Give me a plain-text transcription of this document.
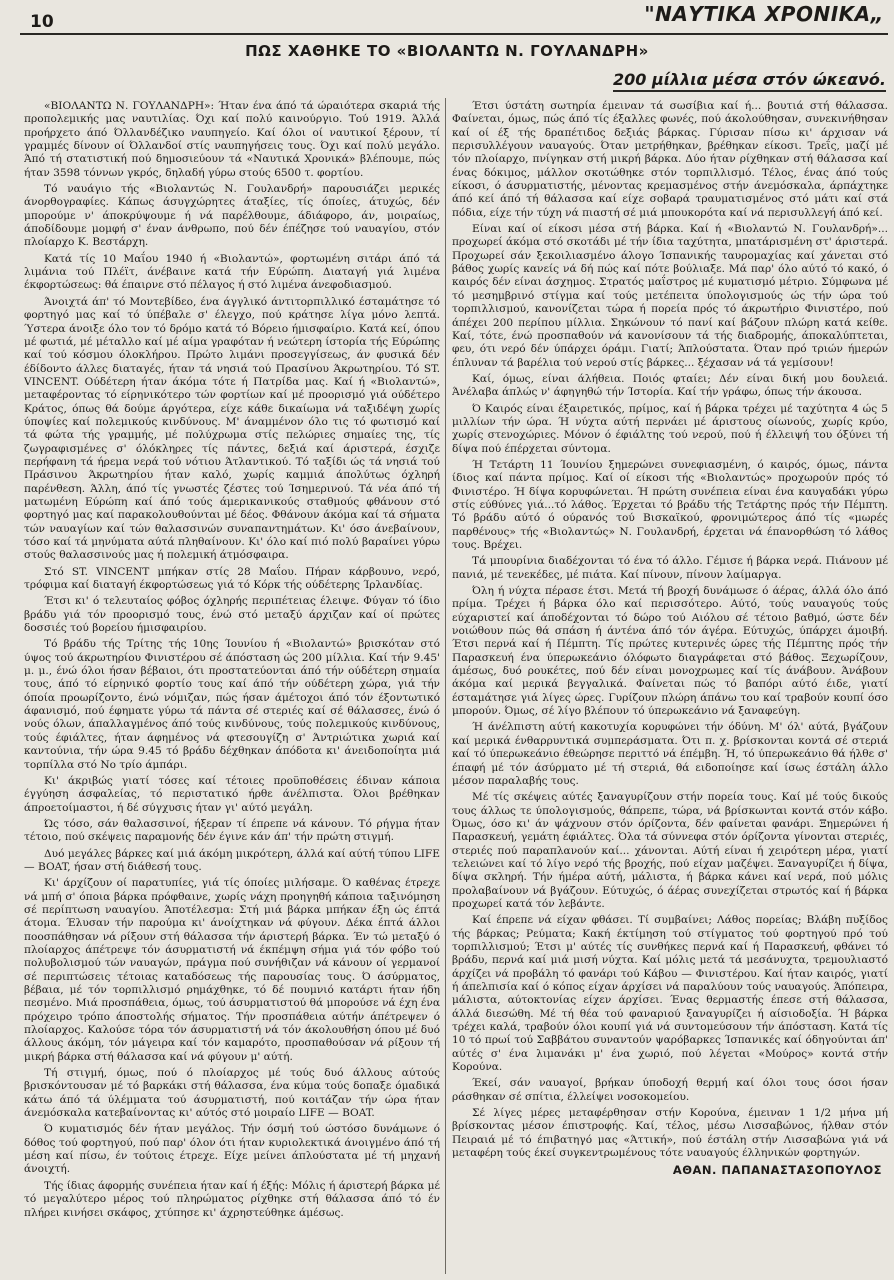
10	"ΝΑΥΤΙΚΑ ΧΡΟΝΙΚΑ„
ΠΩΣ ΧΑΘΗΚΕ ΤΟ «ΒΙΟΛΑΝΤΩ Ν. ΓΟΥΛΑΝΔΡΗ»
200 μίλλια μέσα στόν ώκεανό.

«ΒΙΟΛΑΝΤΩ Ν. ΓΟΥΛΑΝΔΡΗ»: Ήταν ένα άπό τά ώραιότερα σκαριά τής προπολεμικής μας ναυτιλίας. Όχι καί πολύ καινούργιο. Τού 1919. Άλλά προήρχετο άπό Όλλανδέζικο ναυπηγείο. Καί όλοι οί ναυτικοί ξέρουν, τί γραμμές δίνουν οί Όλλανδοί στίς ναυπηγήσεις τους. Όχι καί πολύ μεγάλο. Άπό τή στατιστική πού δημοσιεύουν τά «Ναυτικά Χρονικά» βλέπουμε, πώς ήταν 3598 τόννων γκρός, δηλαδή γύρω στούς 6500 τ. φορτίου.

Τό ναυάγιο τής «Βιολαντώς Ν. Γουλανδρή» παρουσιάζει μερικές άνορθογραφίες. Κάπως άσυγχώρητες άταξίες, τίς όποίες, άτυχώς, δέν μπορούμε ν' άποκρύψουμε ή νά παρέλθουμε, άδιάφορο, άν, μοιραίως, άποδίδουμε μομφή σ' έναν άνθρωπο, πού δέν έπέζησε τού ναυαγίου, στόν πλοίαρχο Κ. Βεστάρχη.

Κατά τίς 10 Μαΐου 1940 ή «Βιολαντώ», φορτωμένη σιτάρι άπό τά λιμάνια τού Πλέϊτ, άνέβαινε κατά τήν Εύρώπη. Διαταγή γιά λιμένα έκφορτώσεως: θά έπαιρνε στό πέλαγος ή στό λιμένα άνεφοδιασμού.

Άνοιχτά άπ' τό Μοντεβίδεο, ένα άγγλικό άντιτορπιλλικό έσταμάτησε τό φορτηγό μας καί τό ύπέβαλε σ' έλεγχο, πού κράτησε λίγα μόνο λεπτά. Ύστερα άνοιξε όλο τον τό δρόμο κατά τό Βόρειο ήμισφαίριο. Κατά κεί, όπου μέ φωτιά, μέ μέταλλο καί μέ αίμα γραφόταν ή νεώτερη ίστορία τής Εύρώπης καί τού κόσμου όλοκλήρου. Πρώτο λιμάνι προσεγγίσεως, άν φυσικά δέν έδίδοντο άλλες διαταγές, ήταν τά νησιά τού Πρασίνου Άκρωτηρίου. Τό ST. VINCENT. Ούδέτερη ήταν άκόμα τότε ή Πατρίδα μας. Καί ή «Βιολαντώ», μεταφέροντας τό είρηνικότερο τών φορτίων καί μέ προορισμό γιά ούδέτερο Κράτος, όπως θά δούμε άργότερα, είχε κάθε δικαίωμα νά ταξιδέψη χωρίς ύποψίες καί πολεμικούς κινδύνους. Μ' άναμμένον όλο τις τό φωτισμό καί τά φώτα τής γραμμής, μέ πολύχρωμα στίς πελώριες σημαίες της, τίς ζωγραφισμένες σ' όλόκληρες τίς πάντες, δεξιά καί άριστερά, έσχιζε περήφανη τά ήρεμα νερά τού νότιου Άτλαντικού. Τό ταξίδι ώς τά νησιά τού Πράσινου Άκρωτηρίου ήταν καλό, χωρίς καμμιά άπολύτως όχληρή παρένθεση. Άλλη, άπό τίς γνωστές ζέστες τού Ίσημερινού. Τά νέα άπό τή ματωμένη Εύρώπη καί άπό τούς άμερικανικούς σταθμούς φθάνουν στό φορτηγό μας καί παρακολουθούνται μέ δέος. Φθάνουν άκόμα καί τά σήματα τών ναυαγίων καί τών θαλασσινών συναπαντημάτων. Κι' όσο άνεβαίνουν, τόσο καί τά μηνύματα αύτά πληθαίνουν. Κι' όλο καί πιό πολύ βαραίνει γύρω στούς θαλασσινούς μας ή πολεμική άτμόσφαιρα.

Στό ST. VINCENT μπήκαν στίς 28 Μαΐου. Πήραν κάρβουνο, νερό, τρόφιμα καί διαταγή έκφορτώσεως γιά τό Κόρκ τής ούδέτερης Ίρλανδίας.

Έτσι κι' ό τελευταίος φόβος όχληρής περιπέτειας έλειψε. Φύγαν τό ίδιο βράδυ γιά τόν προορισμό τους, ένώ στό μεταξύ άρχιζαν καί οί πρώτες δοσσιές τού βορείου ήμισφαιρίου.

Τό βράδυ τής Τρίτης τής 10ης Ίουνίου ή «Βιολαντώ» βρισκόταν στό ύψος τού άκρωτηρίου Φινιστέρου σέ άπόσταση ώς 200 μίλλια. Καί τήν 9.45' μ. μ., ένώ όλοι ήσαν βέβαιοι, ότι προστατεύονται άπό τήν ούδέτερη σημαία τους, άπό τό είρηνικό φορτίο τους καί άπό τήν ούδέτερη χώρα, γιά τήν όποία προωρίζοντο, ένώ νόμιζαν, πώς ήσαν άμέτοχοι άπό τόν έξοντωτικό άφανισμό, πού έφηματε γύρω τά πάντα σέ στεριές καί σέ θάλασσες, ένώ ό νούς όλων, άπαλλαγμένος άπό τούς κινδύνους, τούς πολεμικούς κινδύνους, τούς έφιάλτες, ήταν άφημένος νά φτεσουγίζη σ' Άντριώτικα χωριά καί καντούνια, τήν ώρα 9.45 τό βράδυ δέχθηκαν άπόδοτα κι' άνειδοποίητα μιά τορπίλλα στό Νο τρίο άμπάρι.

Κι' άκριβώς γιατί τόσες καί τέτοιες προϋποθέσεις έδιναν κάποια έγγύηση άσφαλείας, τό περιστατικό ήρθε άνέλπιστα. Όλοι βρέθηκαν άπροετοίμαστοι, ή δέ σύγχυσις ήταν γι' αύτό μεγάλη.

Ώς τόσο, σάν θαλασσινοί, ήξεραν τί έπρεπε νά κάνουν. Τό ρήγμα ήταν τέτοιο, πού σκέψεις παραμονής δέν έγινε κάν άπ' τήν πρώτη στιγμή.

Δυό μεγάλες βάρκες καί μιά άκόμη μικρότερη, άλλά καί αύτή τύπου LIFE — BOAT, ήσαν στή διάθεσή τους.

Κι' άρχίζουν οί παρατυπίες, γιά τίς όποίες μιλήσαμε. Ό καθένας έτρεχε νά μπή σ' όποια βάρκα πρόφθαινε, χωρίς νάχη προηγηθή κάποια ταξινόμηση σέ περίπτωση ναυαγίου. Άποτέλεσμα: Στή μιά βάρκα μπήκαν έξη ώς έπτά άτομα. Έλυσαν τήν παρούμα κι' άνοίχτηκαν νά φύγουν. Δέκα έπτά άλλοι ποοσπάθησαν νά ρίξουν στή θάλασσα τήν άριστερή βάρκα. Έν τώ μεταξύ ό πλοίαρχος άπέτρεψε τόν άσυρματιστή νά έκπέμψη σήμα γιά τόν φόβο τού πολυβολισμού τών ναυαγών, πράγμα πού συνήθιζαν νά κάνουν οί γερμανοί σέ περιπτώσεις τέτοιας καταδόσεως τής παρουσίας τους. Ό άσύρματος, βέβαια, μέ τόν τορπιλλισμό ρημάχθηκε, τό δέ πουμνιό κατάρτι ήταν ήδη πεσμένο. Μιά προσπάθεια, όμως, τού άσυρματιστού θά μπορούσε νά έχη ένα πρόχειρο τρόπο άποστολής σήματος. Τήν προσπάθεια αύτήν άπέτρεψεν ό πλοίαρχος. Καλούσε τόρα τόν άσυρματιστή νά τόν άκολουθήση όπου μέ δυό άλλους άκόμη, τόν μάγειρα καί τόν καμαρότο, προσπαθούσαν νά ρίξουν τή μικρή βάρκα στή θάλασσα καί νά φύγουν μ' αύτή.

Τή στιγμή, όμως, πού ό πλοίαρχος μέ τούς δυό άλλους αύτούς βρισκόντουσαν μέ τό βαρκάκι στή θάλασσα, ένα κύμα τούς δοπαξε όμαδικά κάτω άπό τά ύλέμματα τού άσυρματιστή, πού κοιτάζαν τήν ώρα ήταν άνεμόσκαλα κατεβαίνοντας κι' αύτός στό μοιραίο LIFE — BOAT.

Ό κυματισμός δέν ήταν μεγάλος. Τήν όσμή τού ώστόσο δυνάμωνε ό δόθος τού φορτηγού, πού παρ' όλον ότι ήταν κυριολεκτικά άνοιγμένο άπό τή μέση καί πίσω, έν τούτοις έτρεχε. Είχε μείνει άπλούστατα μέ τή μηχανή άνοιχτή.

Τής ίδιας άφορμής συνέπεια ήταν καί ή έξής: Μόλις ή άριστερή βάρκα μέ τό μεγαλύτερο μέρος τού πληρώματος ρίχθηκε στή θάλασσα άπό τό έν πλήρει κινήσει σκάφος, χτύπησε κι' άχρηστεύθηκε άμέσως.

Έτσι ύστάτη σωτηρία έμειναν τά σωσίβια καί ή... βουτιά στή θάλασσα. Φαίνεται, όμως, πώς άπό τίς έξαλλες φωνές, πού άκολούθησαν, συνεκινήθησαν καί οί έξ τής δραπέτιδος δεξιάς βάρκας. Γύρισαν πίσω κι' άρχισαν νά περισυλλέγουν ναυαγούς. Όταν μετρήθηκαν, βρέθηκαν είκοσι. Τρεΐς, μαζί μέ τόν πλοίαρχο, πνίγηκαν στή μικρή βάρκα. Δύο ήταν ρίχθηκαν στή θάλασσα καί ένας δόκιμος, μάλλον σκοτώθηκε στόν τορπιλλισμό. Τέλος, ένας άπό τούς είκοσι, ό άσυρματιστής, μένοντας κρεμασμένος στήν άνεμόσκαλα, άρπάχτηκε άπό κεί άπό τή θάλασσα καί είχε σοβαρά τραυματισμένος στό μάτι καί στά πόδια, είχε τήν τύχη νά πιαστή σέ μιά μπουκορότα καί νά περισυλλεγή άπό κεί.

Είναι καί οί είκοσι μέσα στή βάρκα. Καί ή «Βιολαντώ Ν. Γουλανδρή»... προχωρεί άκόμα στό σκοτάδι μέ τήν ίδια ταχύτητα, μπατάρισμένη στ' άριστερά. Προχωρεί σάν ξεκοιλιασμένο άλογο Ίσπανικής ταυρομαχίας καί χάνεται στό βάθος χωρίς κανείς νά δή πώς καί πότε βούλιαξε. Μά παρ' όλο αύτό τό κακό, ό καιρός δέν είναι άσχημος. Στρατός μαΐστρος μέ κυματισμό μέτριο. Σύμφωνα μέ τό μεσημβρινό στίγμα καί τούς μετέπειτα ύπολογισμούς ώς τήν ώρα τού τορπιλλισμού, κανονίζεται τώρα ή πορεία πρός τό άκρωτήριο Φινιστέρο, πού άπέχει 200 περίπου μίλλια. Σηκώνουν τό πανί καί βάζουν πλώρη κατά κείθε. Καί, τότε, ένώ προσπαθούν νά κανονίσουν τά τής διαδρομής, άποκαλύπτεται, φευ, ότι νερό δέν ύπάρχει όράμι. Γιατί; Άπλούστατα. Όταν πρό τριών ήμερών έπλυναν τά βαρέλια τού νερού στίς βάρκες... ξέχασαν νά τά γεμίσουν!

Καί, όμως, είναι άλήθεια. Ποιός φταίει; Δέν είναι δική μου δουλειά. Άνέλαβα άπλώς ν' άφηγηθώ τήν Ίστορία. Καί τήν γράφω, όπως τήν άκουσα.

Ό Καιρός είναι έξαιρετικός, πρίμος, καί ή βάρκα τρέχει μέ ταχύτητα 4 ώς 5 μιλλίων τήν ώρα. Ή νύχτα αύτή περνάει μέ άριστους οίωνούς, χωρίς κρύο, χωρίς στενοχώριες. Μόνον ό έφιάλτης τού νερού, πού ή έλλειψή του όξύνει τή δίψα πού έπέρχεται σύντομα.

Ή Τετάρτη 11 Ίουνίου ξημερώνει συνεφιασμένη, ό καιρός, όμως, πάντα ίδιος καί πάντα πρίμος. Καί οί είκοσι τής «Βιολαντώς» προχωρούν πρός τό Φινιστέρο. Ή δίψα κορυφώνεται. Ή πρώτη συνέπεια είναι ένα καυγαδάκι γύρω στίς εύθύνες γιά...τό λάθος. Έρχεται τό βράδυ τής Τετάρτης πρός τήν Πέμπτη. Τό βράδυ αύτό ό ούρανός τού Βισκαϊκού, φρονιμώτερος άπό τίς «μωρές παρθένους» τής «Βιολαντώς» Ν. Γουλανδρή, έρχεται νά έπανορθώση τό λάθος τους. Βρέχει.

Τά μπουρίνια διαδέχονται τό ένα τό άλλο. Γέμισε ή βάρκα νερά. Πιάνουν μέ πανιά, μέ τενεκέδες, μέ πιάτα. Καί πίνουν, πίνουν λαίμαργα.

Όλη ή νύχτα πέρασε έτσι. Μετά τή βροχή δυνάμωσε ό άέρας, άλλά όλο άπό πρίμα. Τρέχει ή βάρκα όλο καί περισσότερο. Αύτό, τούς ναυαγούς τούς εύχαριστεί καί άποδέχονται τό δώρο τού Αιόλου σέ τέτοιο βαθμό, ώστε δέν νοιώθουν πώς θά σπάση ή άντένα άπό τόν άγέρα. Εύτυχώς, ύπάρχει άμοιβή. Έτσι περνά καί ή Πέμπτη. Τίς πρώτες κυτερινές ώρες τής Πέμπτης πρός τήν Παρασκευή ένα ύπερωκεάνιο όλόφωτο διαγράφεται στό βάθος. Ξεχωρίζουν, άμέσως, δυό ρουκέτες, πού δέν είναι μονοχρωμες καί τίς άνάβουν. Άνάβουν άκόμα καί μερικά βεγγαλικά. Φαίνεται πώς τό βαπόρι αύτό έιδε, γιατί έσταμάτησε γιά λίγες ώρες. Γυρίζουν πλώρη άπάνω του καί τραβούν κουπί όσο μπορούν. Όμως, σέ λίγο βλέπουν τό ύπερωκεάνιο νά ξαναφεύγη.

Ή άνέλπιστη αύτή κακοτυχία κορυφώνει τήν όδύνη. Μ' όλ' αύτά, βγάζουν καί μερικά ένθαρρυντικά συμπεράσματα. Ότι π. χ. βρίσκονται κοντά σέ στεριά καί τό ύπερωκεάνιο έθεώρησε περιττό νά έπέμβη. Ή, τό ύπερωκεάνιο θά ήλθε σ' έπαφή μέ τόν άσύρματο μέ τή στεριά, θά ειδοποίησε καί ίσως έστάλη άλλο μέσον παραλαβής τους.

Μέ τίς σκέψεις αύτές ξαναγυρίζουν στήν πορεία τους. Καί μέ τούς δικούς τους άλλως τε ύπολογισμούς, θάπρεπε, τώρα, νά βρίσκωνται κοντά στόν κάβο. Όμως, όσο κι' άν ψάχνουν στόν όρίζοντα, δέν φαίνεται φανάρι. Ξημερώνει ή Παρασκευή, γεμάτη έφιάλτες. Όλα τά σύννεφα στόν όρίζοντα γίνονται στεριές, στεριές πού παραπλανούν καί... χάνονται. Αύτή είναι ή χειρότερη μέρα, γιατί τελειώνει καί τό λίγο νερό τής βροχής, πού είχαν μαζέψει. Ξαναγυρίζει ή δίψα, δίψα σκληρή. Τήν ήμέρα αύτή, μάλιστα, ή βάρκα κάνει καί νερά, πού μόλις προλαβαίνουν νά βγάζουν. Εύτυχώς, ό άέρας συνεχίζεται στρωτός καί ή βάρκα προχωρεί κατά τόν λεβάντε.

Καί έπρεπε νά είχαν φθάσει. Τί συμβαίνει; Λάθος πορείας; Βλάβη πυξίδος τής βάρκας; Ρεύματα; Κακή έκτίμηση τού στίγματος τού φορτηγού πρό τού τορπιλλισμού; Έτσι μ' αύτές τίς συνθήκες περνά καί ή Παρασκευή, φθάνει τό βράδυ, περνά καί μιά μισή νύχτα. Καί μόλις μετά τά μεσάνυχτα, τρεμουλιαστό άρχίζει νά προβάλη τό φανάρι τού Κάβου — Φινιστέρου. Καί ήταν καιρός, γιατί ή άπελπισία καί ό κόπος είχαν άρχίσει νά παραλύουν τούς ναυαγούς. Άπόπειρα, μάλιστα, αύτοκτονίας είχεν άρχίσει. Ένας θερμαστής έπεσε στή θάλασσα, άλλά διεσώθη. Μέ τή θέα τού φαναριού ξαναγυρίζει ή αίσιοδοξία. Ή βάρκα τρέχει καλά, τραβούν όλοι κουπί γιά νά συντομεύσουν τήν άπόσταση. Κατά τίς 10 τό πρωί τού Σαββάτου συναντούν ψαρόβαρκες Ίσπανικές καί όδηγούνται άπ' αύτές σ' ένα λιμανάκι μ' ένα χωριό, πού λέγεται «Μούρος» κοντά στήν Κορούνα.

Έκεί, σάν ναυαγοί, βρήκαν ύποδοχή θερμή καί όλοι τους όσοι ήσαν ράσθηκαν σέ σπίτια, έλλείψει νοσοκομείου.

Σέ λίγες μέρες μεταφέρθησαν στήν Κορούνα, έμειναν 1 1/2 μήνα μή βρίσκοντας μέσον έπιστροφής. Καί, τέλος, μέσω Λισσαβώνος, ήλθαν στόν Πειραιά μέ τό έπιβατηγό μας «Άττική», πού έστάλη στήν Λισσαβώνα γιά νά μεταφέρη τούς έκεί συγκεντρωμένους τότε ναυαγούς έλληνικών φορτηγών.

ΑΘΑΝ. ΠΑΠΑΝΑΣΤΑΣΟΠΟΥΛΟΣ
